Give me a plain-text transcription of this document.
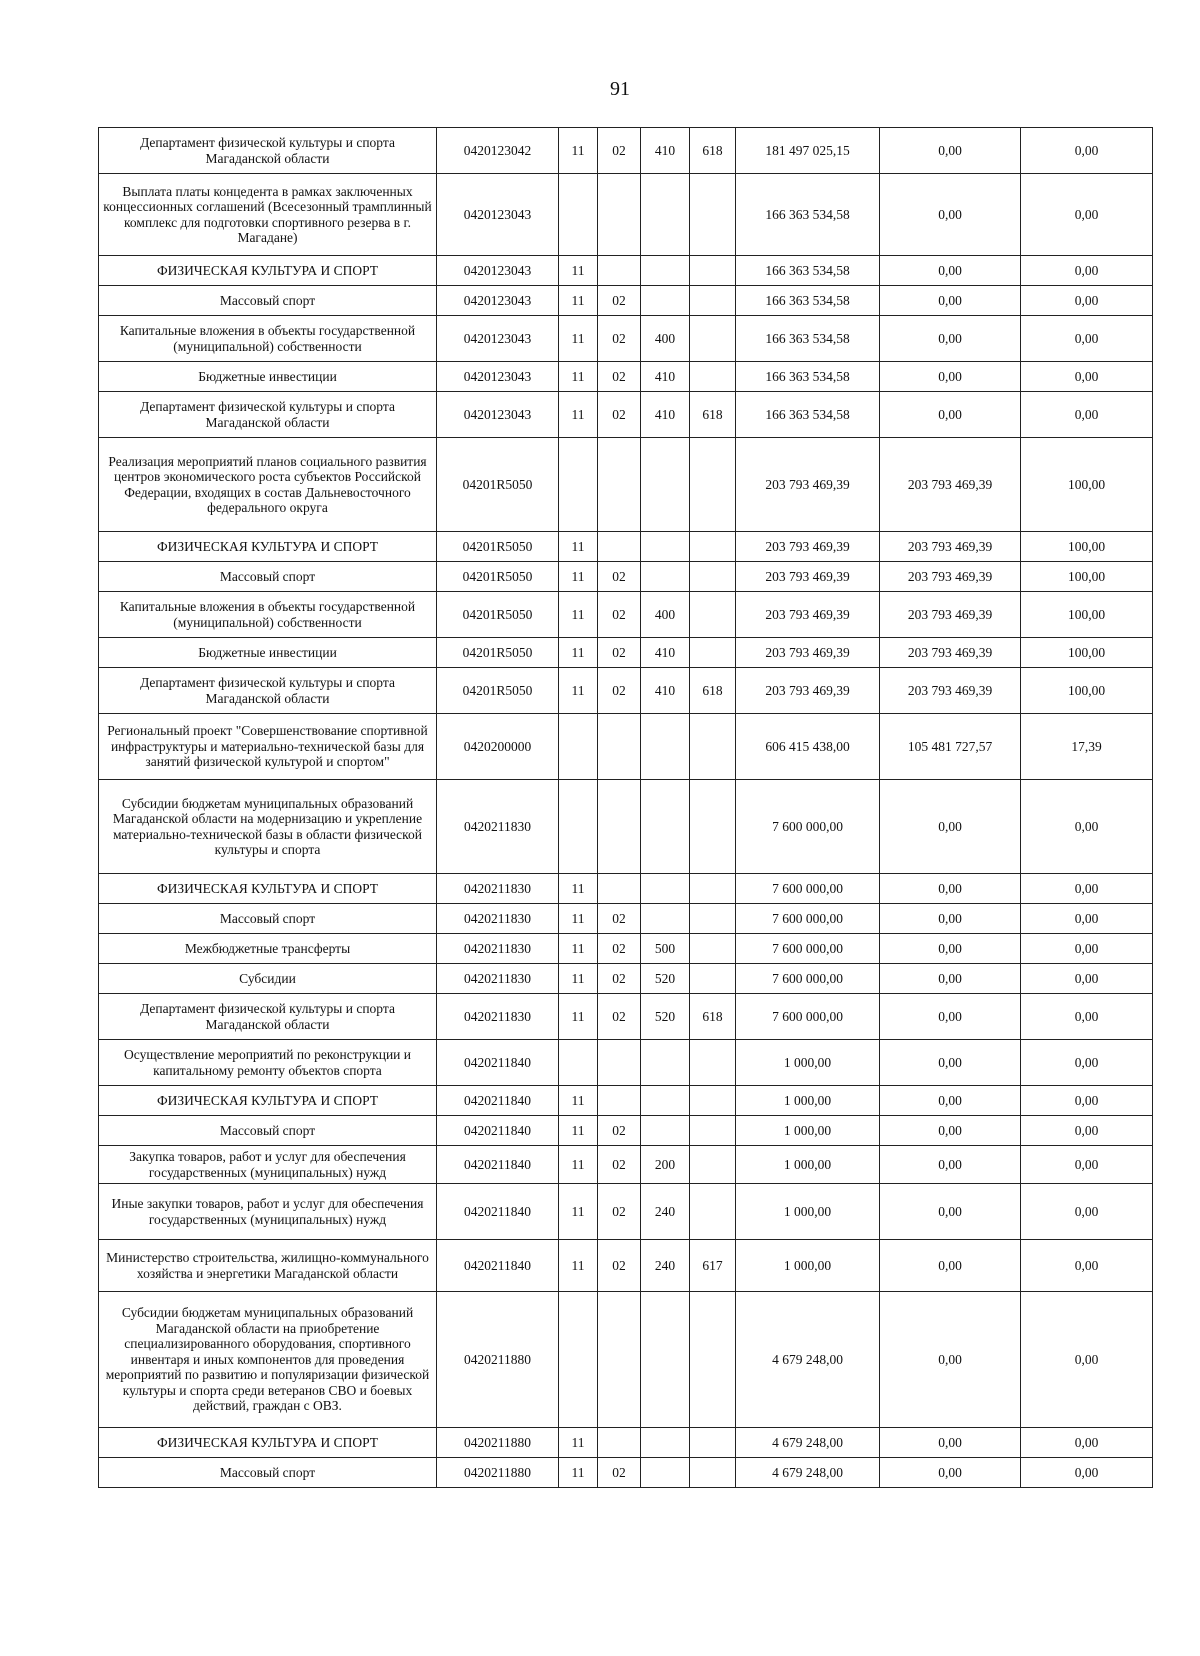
91
Департамент физической культуры и спорта Магаданской области	0420123042	11	02	410	618	181 497 025,15	0,00	0,00
Выплата платы концедента в рамках заключенных концессионных соглашений (Всесезонный трамплинный комплекс для подготовки спортивного резерва в г. Магадане)	0420123043					166 363 534,58	0,00	0,00
ФИЗИЧЕСКАЯ КУЛЬТУРА И СПОРТ	0420123043	11				166 363 534,58	0,00	0,00
Массовый спорт	0420123043	11	02			166 363 534,58	0,00	0,00
Капитальные вложения в объекты государственной (муниципальной) собственности	0420123043	11	02	400		166 363 534,58	0,00	0,00
Бюджетные инвестиции	0420123043	11	02	410		166 363 534,58	0,00	0,00
Департамент физической культуры и спорта Магаданской области	0420123043	11	02	410	618	166 363 534,58	0,00	0,00
Реализация мероприятий планов социального развития центров экономического роста субъектов Российской Федерации, входящих в состав Дальневосточного федерального округа	04201R5050					203 793 469,39	203 793 469,39	100,00
ФИЗИЧЕСКАЯ КУЛЬТУРА И СПОРТ	04201R5050	11				203 793 469,39	203 793 469,39	100,00
Массовый спорт	04201R5050	11	02			203 793 469,39	203 793 469,39	100,00
Капитальные вложения в объекты государственной (муниципальной) собственности	04201R5050	11	02	400		203 793 469,39	203 793 469,39	100,00
Бюджетные инвестиции	04201R5050	11	02	410		203 793 469,39	203 793 469,39	100,00
Департамент физической культуры и спорта Магаданской области	04201R5050	11	02	410	618	203 793 469,39	203 793 469,39	100,00
Региональный проект "Совершенствование спортивной инфраструктуры и материально-технической базы для занятий физической культурой и спортом"	0420200000					606 415 438,00	105 481 727,57	17,39
Субсидии бюджетам муниципальных образований Магаданской области на модернизацию и укрепление материально-технической базы в области физической культуры и спорта	0420211830					7 600 000,00	0,00	0,00
ФИЗИЧЕСКАЯ КУЛЬТУРА И СПОРТ	0420211830	11				7 600 000,00	0,00	0,00
Массовый спорт	0420211830	11	02			7 600 000,00	0,00	0,00
Межбюджетные трансферты	0420211830	11	02	500		7 600 000,00	0,00	0,00
Субсидии	0420211830	11	02	520		7 600 000,00	0,00	0,00
Департамент физической культуры и спорта Магаданской области	0420211830	11	02	520	618	7 600 000,00	0,00	0,00
Осуществление мероприятий по реконструкции и капитальному ремонту объектов спорта	0420211840					1 000,00	0,00	0,00
ФИЗИЧЕСКАЯ КУЛЬТУРА И СПОРТ	0420211840	11				1 000,00	0,00	0,00
Массовый спорт	0420211840	11	02			1 000,00	0,00	0,00
Закупка товаров, работ и услуг для обеспечения государственных (муниципальных) нужд	0420211840	11	02	200		1 000,00	0,00	0,00
Иные закупки товаров, работ и услуг для обеспечения государственных (муниципальных) нужд	0420211840	11	02	240		1 000,00	0,00	0,00
Министерство строительства, жилищно-коммунального хозяйства и энергетики Магаданской области	0420211840	11	02	240	617	1 000,00	0,00	0,00
Субсидии бюджетам муниципальных образований Магаданской области на приобретение специализированного оборудования, спортивного инвентаря и иных компонентов для проведения мероприятий по развитию и популяризации физической культуры и спорта среди ветеранов СВО и боевых действий, граждан с ОВЗ.	0420211880					4 679 248,00	0,00	0,00
ФИЗИЧЕСКАЯ КУЛЬТУРА И СПОРТ	0420211880	11				4 679 248,00	0,00	0,00
Массовый спорт	0420211880	11	02			4 679 248,00	0,00	0,00
